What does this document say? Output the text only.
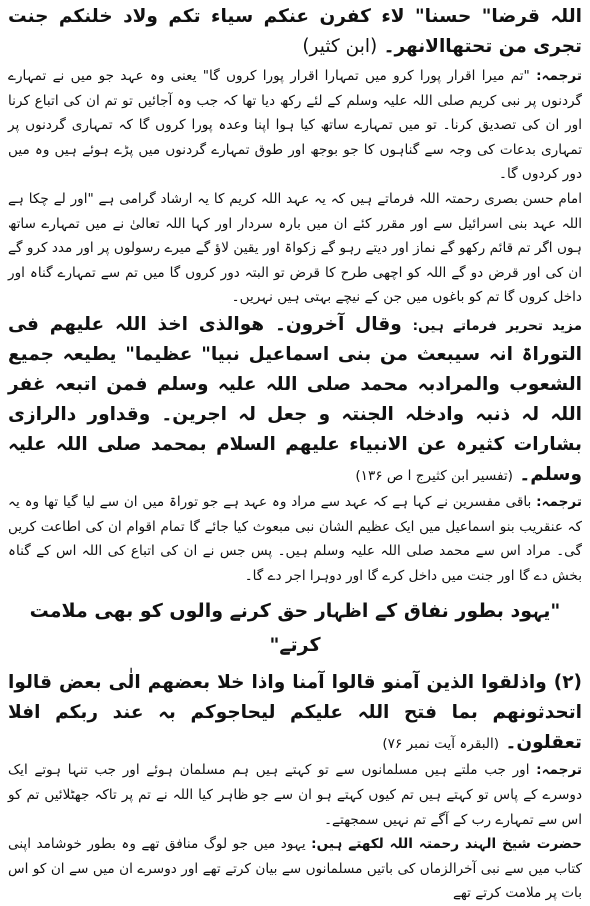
اللہ قرضا" حسنا" لاء کفرن عنکم سیاء تکم ولاد خلنکم جنت تجری من تحتھاالانھر۔ (ابن کثیر)

ترجمہ: "تم میرا اقرار پورا کرو میں تمہارا اقرار پورا کروں گا" یعنی وہ عہد جو میں نے تمہارے گردنوں پر نبی کریم صلی اللہ علیہ وسلم کے لئے رکھ دیا تھا کہ جب وہ آجائیں تو تم ان کی اتباع کرنا اور ان کی تصدیق کرنا۔ تو میں تمہارے ساتھ کیا ہوا اپنا وعدہ پورا کروں گا کہ تمہاری گردنوں پر تمہاری بدعات کی وجہ سے گناہوں کا جو بوجھ اور طوق تمہارے گردنوں میں پڑے ہوئے ہیں وہ میں دور کردوں گا۔

امام حسن بصری رحمتہ اللہ فرماتے ہیں کہ یہ عہد اللہ کریم کا یہ ارشاد گرامی ہے "اور لے چکا ہے اللہ عہد بنی اسرائیل سے اور مقرر کئے ان میں بارہ سردار اور کہا اللہ تعالیٰ نے میں تمہارے ساتھ ہوں اگر تم قائم رکھو گے نماز اور دیتے رہو گے زکواۃ اور یقین لاؤ گے میرے رسولوں پر اور مدد کرو گے ان کی اور قرض دو گے اللہ کو اچھی طرح کا قرض تو البتہ دور کروں گا میں تم سے تمہارے گناہ اور داخل کروں گا تم کو باغوں میں جن کے نیچے بہتی ہیں نہریں۔

مزید تحریر فرماتے ہیں: وقال آخرون۔ ھوالذی اخذ اللہ علیھم فی التوراۃ انہ سیبعث من بنی اسماعیل نبیا" عظیما" یطیعہ جمیع الشعوب والمرادبہ محمد صلی اللہ علیہ وسلم فمن اتبعہ غفر اللہ لہ ذنبہ وادخلہ الجنتہ و جعل لہ اجرین۔ وقداور دالرازی بشارات کثیرہ عن الانبیاء علیھم السلام بمحمد صلی اللہ علیہ وسلم۔ (تفسیر ابن کثیرج ا ص ۱۳۶)

ترجمہ: باقی مفسرین نے کہا ہے کہ عہد سے مراد وہ عہد ہے جو توراۃ میں ان سے لیا گیا تھا وہ یہ کہ عنقریب بنو اسماعیل میں ایک عظیم الشان نبی مبعوث کیا جائے گا تمام اقوام ان کی اطاعت کریں گی۔ مراد اس سے محمد صلی اللہ علیہ وسلم ہیں۔ پس جس نے ان کی اتباع کی اللہ اس کے گناہ بخش دے گا اور جنت میں داخل کرے گا اور دوہرا اجر دے گا۔

"یہود بطور نفاق کے اظہار حق کرنے والوں کو بھی ملامت کرتے"

(۲) واذلقوا الذین آمنو قالوا آمنا واذا خلا بعضھم الٰی بعض قالوا اتحدثونھم بما فتح اللہ علیکم لیحاجوکم بہ عند ربکم افلا تعقلون۔ (البقرہ آیت نمبر ۷۶)

ترجمہ: اور جب ملتے ہیں مسلمانوں سے تو کہتے ہیں ہم مسلمان ہوئے اور جب تنہا ہوتے ایک دوسرے کے پاس تو کہتے ہیں تم کیوں کہتے ہو ان سے جو ظاہر کیا اللہ نے تم پر تاکہ جھٹلائیں تم کو اس سے تمہارے رب کے آگے تم نہیں سمجھتے۔

حضرت شیخ الہند رحمتہ اللہ لکھتے ہیں: یہود میں جو لوگ منافق تھے وہ بطور خوشامد اپنی کتاب میں سے نبی آخرالزماں کی باتیں مسلمانوں سے بیان کرتے تھے اور دوسرے ان میں سے ان کو اس بات پر ملامت کرتے تھے
